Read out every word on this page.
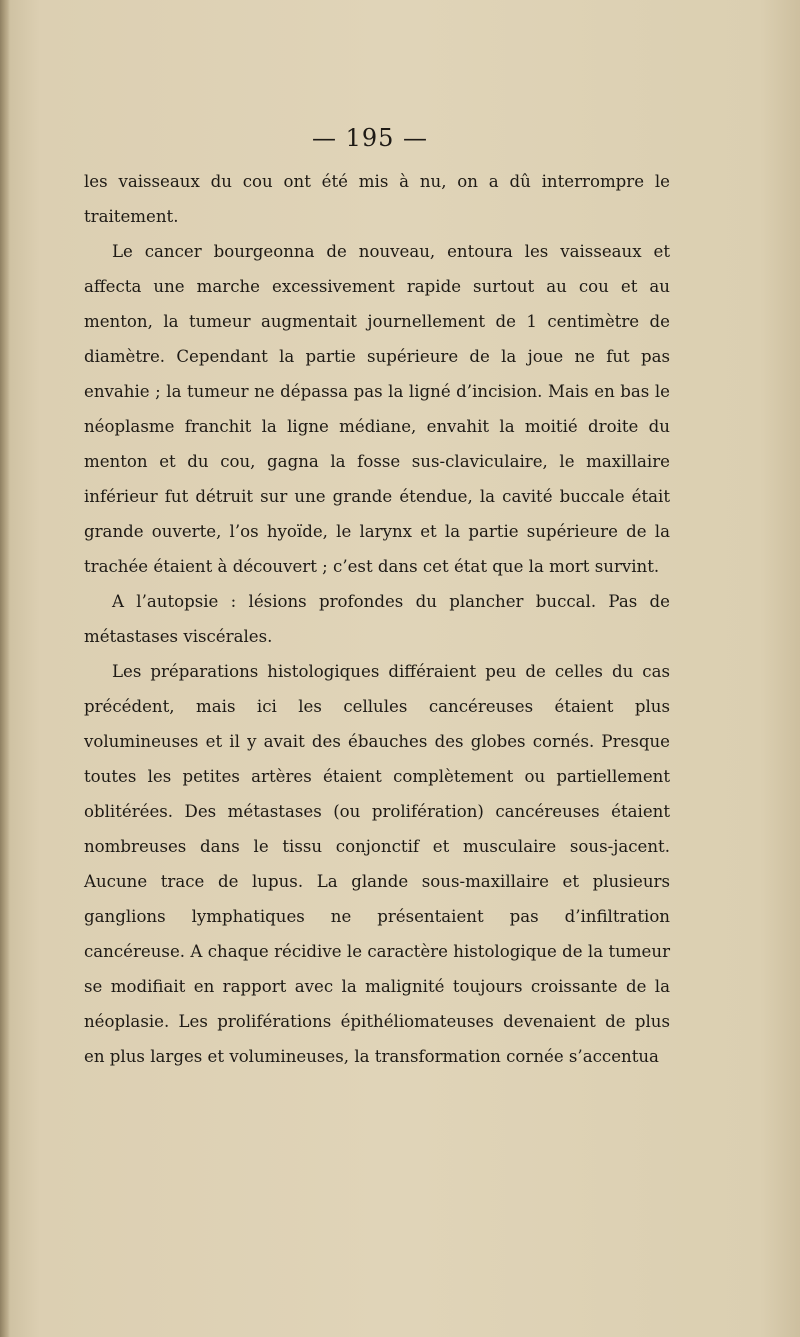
— 195 —

les vaisseaux du cou ont été mis à nu, on a dû interrompre le traitement.

Le cancer bourgeonna de nouveau, entoura les vaisseaux et affecta une marche excessivement rapide surtout au cou et au menton, la tumeur augmentait journellement de 1 centimètre de diamètre. Cependant la partie supérieure de la joue ne fut pas envahie ; la tumeur ne dépassa pas la ligné d’incision. Mais en bas le néoplasme franchit la ligne médiane, envahit la moitié droite du menton et du cou, gagna la fosse sus-claviculaire, le maxillaire inférieur fut détruit sur une grande étendue, la cavité buccale était grande ouverte, l’os hyoïde, le larynx et la partie supérieure de la trachée étaient à découvert ; c’est dans cet état que la mort survint.

A l’autopsie : lésions profondes du plancher buccal. Pas de métastases viscérales.

Les préparations histologiques différaient peu de celles du cas précédent, mais ici les cellules cancéreuses étaient plus volumineuses et il y avait des ébauches des globes cornés. Presque toutes les petites artères étaient complètement ou partiellement oblitérées. Des métastases (ou prolifération) cancéreuses étaient nombreuses dans le tissu conjonctif et musculaire sous-jacent. Aucune trace de lupus. La glande sous-maxillaire et plusieurs ganglions lymphatiques ne présentaient pas d’infiltration cancéreuse. A chaque récidive le caractère histologique de la tumeur se modifiait en rapport avec la malignité toujours croissante de la néoplasie. Les proliférations épithéliomateuses devenaient de plus en plus larges et volumineuses, la transformation cornée s’accentua
